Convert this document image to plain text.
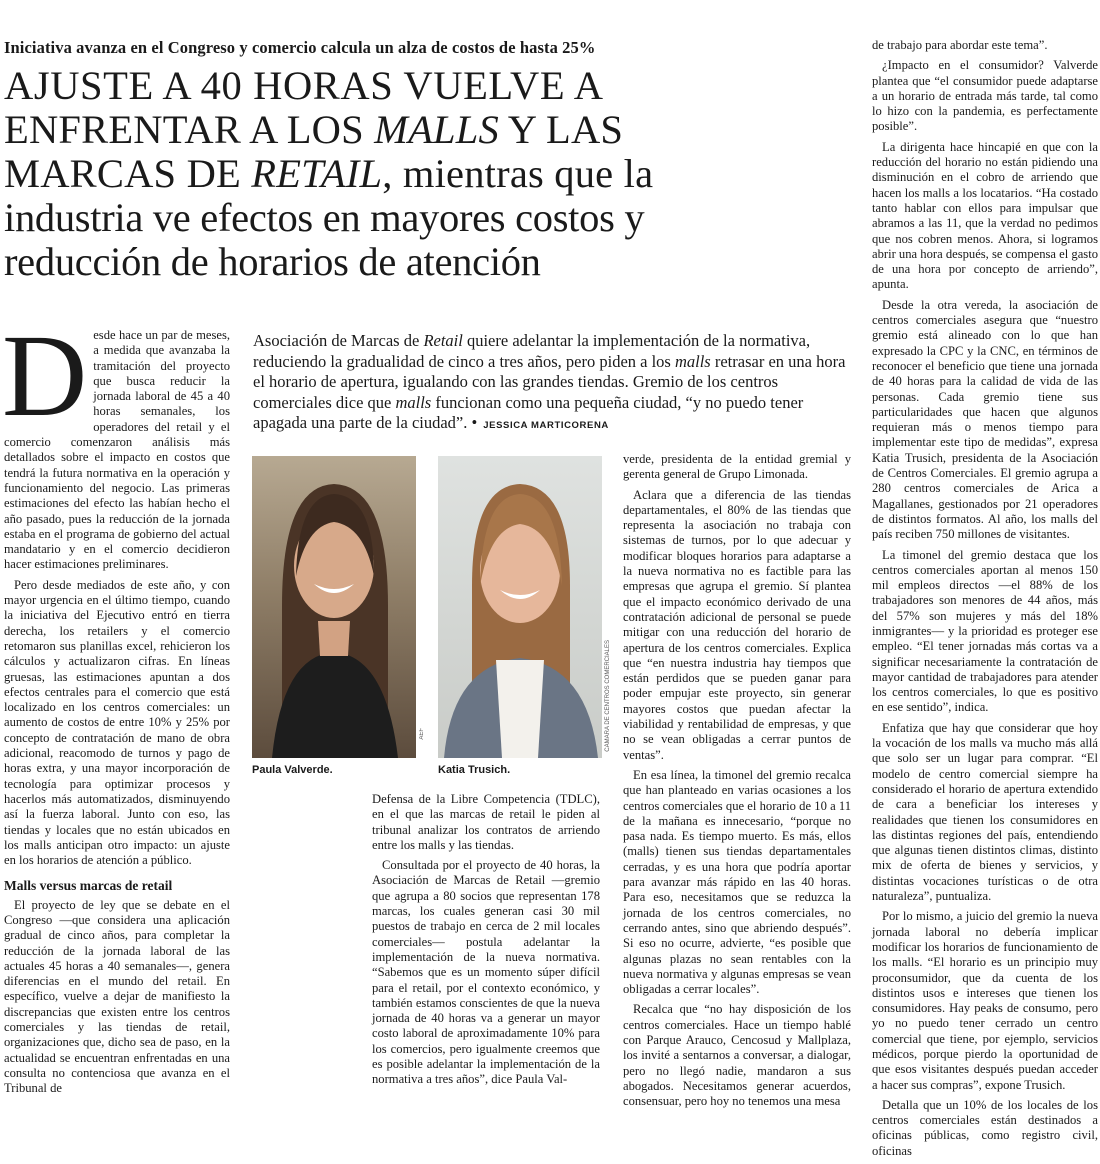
Iniciativa avanza en el Congreso y comercio calcula un alza de costos de hasta 25%
AJUSTE A 40 HORAS VUELVE A
ENFRENTAR A LOS MALLS Y LAS
MARCAS DE RETAIL, mientras que la
industria ve efectos en mayores costos y
reducción de horarios de atención
D esde hace un par de meses, a medida que avanzaba la tramitación del proyecto que busca reducir la jornada laboral de 45 a 40 horas semanales, los operadores del retail y el comercio comenzaron análisis más detallados sobre el impacto en costos que tendrá la futura normativa en la operación y funcionamiento del negocio. Las primeras estimaciones del efecto las habían hecho el año pasado, pues la reducción de la jornada estaba en el programa de gobierno del actual mandatario y en el comercio decidieron hacer estimaciones preliminares.

Pero desde mediados de este año, y con mayor urgencia en el último tiempo, cuando la iniciativa del Ejecutivo entró en tierra derecha, los retailers y el comercio retomaron sus planillas excel, rehicieron los cálculos y actualizaron cifras. En líneas gruesas, las estimaciones apuntan a dos efectos centrales para el comercio que está localizado en los centros comerciales: un aumento de costos de entre 10% y 25% por concepto de contratación de mano de obra adicional, reacomodo de turnos y pago de horas extra, y una mayor incorporación de tecnología para optimizar procesos y hacerlos más automatizados, disminuyendo así la fuerza laboral. Junto con eso, las tiendas y locales que no están ubicados en los malls anticipan otro impacto: un ajuste en los horarios de atención a público.

Malls versus marcas de retail

El proyecto de ley que se debate en el Congreso —que considera una aplicación gradual de cinco años, para completar la reducción de la jornada laboral de las actuales 45 horas a 40 semanales—, genera diferencias en el mundo del retail. En específico, vuelve a dejar de manifiesto la discrepancias que existen entre los centros comerciales y las tiendas de retail, organizaciones que, dicho sea de paso, en la actualidad se encuentran enfrentadas en una consulta no contenciosa que avanza en el Tribunal de

Asociación de Marcas de Retail quiere adelantar la implementación de la normativa, reduciendo la gradualidad de cinco a tres años, pero piden a los malls retrasar en una hora el horario de apertura, igualando con las grandes tiendas. Gremio de los centros comerciales dice que malls funcionan como una pequeña ciudad, “y no puedo tener apagada una parte de la ciudad”. • JESSICA MARTICORENA
Paula Valverde.	Katia Trusich.
AEF	CÁMARA DE CENTROS COMERCIALES

Defensa de la Libre Competencia (TDLC), en el que las marcas de retail le piden al tribunal analizar los contratos de arriendo entre los malls y las tiendas.

Consultada por el proyecto de 40 horas, la Asociación de Marcas de Retail —gremio que agrupa a 80 socios que representan 178 marcas, los cuales generan casi 30 mil puestos de trabajo en cerca de 2 mil locales comerciales— postula adelantar la implementación de la nueva normativa. “Sabemos que es un momento súper difícil para el retail, por el contexto económico, y también estamos conscientes de que la nueva jornada de 40 horas va a generar un mayor costo laboral de aproximadamente 10% para los comercios, pero igualmente creemos que es posible adelantar la implementación de la normativa a tres años”, dice Paula Val-

verde, presidenta de la entidad gremial y gerenta general de Grupo Limonada.

Aclara que a diferencia de las tiendas departamentales, el 80% de las tiendas que representa la asociación no trabaja con sistemas de turnos, por lo que adecuar y modificar bloques horarios para adaptarse a la nueva normativa no es factible para las empresas que agrupa el gremio. Sí plantea que el impacto económico derivado de una contratación adicional de personal se puede mitigar con una reducción del horario de apertura de los centros comerciales. Explica que “en nuestra industria hay tiempos que están perdidos que se pueden ganar para poder empujar este proyecto, sin generar mayores costos que puedan afectar la viabilidad y rentabilidad de empresas, y que no se vean obligadas a cerrar puntos de ventas”.

En esa línea, la timonel del gremio recalca que han planteado en varias ocasiones a los centros comerciales que el horario de 10 a 11 de la mañana es innecesario, “porque no pasa nada. Es tiempo muerto. Es más, ellos (malls) tienen sus tiendas departamentales cerradas, y es una hora que podría aportar para avanzar más rápido en las 40 horas. Para eso, necesitamos que se reduzca la jornada de los centros comerciales, no cerrando antes, sino que abriendo después”. Si eso no ocurre, advierte, “es posible que algunas plazas no sean rentables con la nueva normativa y algunas empresas se vean obligadas a cerrar locales”.

Recalca que “no hay disposición de los centros comerciales. Hace un tiempo hablé con Parque Arauco, Cencosud y Mallplaza, los invité a sentarnos a conversar, a dialogar, pero no llegó nadie, mandaron a sus abogados. Necesitamos generar acuerdos, consensuar, pero hoy no tenemos una mesa

de trabajo para abordar este tema”.

¿Impacto en el consumidor? Valverde plantea que “el consumidor puede adaptarse a un horario de entrada más tarde, tal como lo hizo con la pandemia, es perfectamente posible”.

La dirigenta hace hincapié en que con la reducción del horario no están pidiendo una disminución en el cobro de arriendo que hacen los malls a los locatarios. “Ha costado tanto hablar con ellos para impulsar que abramos a las 11, que la verdad no pedimos que nos cobren menos. Ahora, si logramos abrir una hora después, se compensa el gasto de una hora por concepto de arriendo”, apunta.

Desde la otra vereda, la asociación de centros comerciales asegura que “nuestro gremio está alineado con lo que han expresado la CPC y la CNC, en términos de reconocer el beneficio que tiene una jornada de 40 horas para la calidad de vida de las personas. Cada gremio tiene sus particularidades que hacen que algunos requieran más o menos tiempo para implementar este tipo de medidas”, expresa Katia Trusich, presidenta de la Asociación de Centros Comerciales. El gremio agrupa a 280 centros comerciales de Arica a Magallanes, gestionados por 21 operadores de distintos formatos. Al año, los malls del país reciben 750 millones de visitantes.

La timonel del gremio destaca que los centros comerciales aportan al menos 150 mil empleos directos —el 88% de los trabajadores son menores de 44 años, más del 57% son mujeres y más del 18% inmigrantes— y la prioridad es proteger ese empleo. “El tener jornadas más cortas va a significar necesariamente la contratación de mayor cantidad de trabajadores para atender los centros comerciales, lo que es positivo en ese sentido”, indica.

Enfatiza que hay que considerar que hoy la vocación de los malls va mucho más allá que solo ser un lugar para comprar. “El modelo de centro comercial siempre ha considerado el horario de apertura extendido de cara a beneficiar los intereses y realidades que tienen los consumidores en las distintas regiones del país, entendiendo que algunas tienen distintos climas, distinto mix de oferta de bienes y servicios, y distintas vocaciones turísticas o de otra naturaleza”, puntualiza.

Por lo mismo, a juicio del gremio la nueva jornada laboral no debería implicar modificar los horarios de funcionamiento de los malls. “El horario es un principio muy proconsumidor, que da cuenta de los distintos usos e intereses que tienen los consumidores. Hay peaks de consumo, pero yo no puedo tener cerrado un centro comercial que tiene, por ejemplo, servicios médicos, porque pierdo la oportunidad de que esos visitantes después puedan acceder a hacer sus compras”, expone Trusich.

Detalla que un 10% de los locales de los centros comerciales están destinados a oficinas públicas, como registro civil, oficinas
